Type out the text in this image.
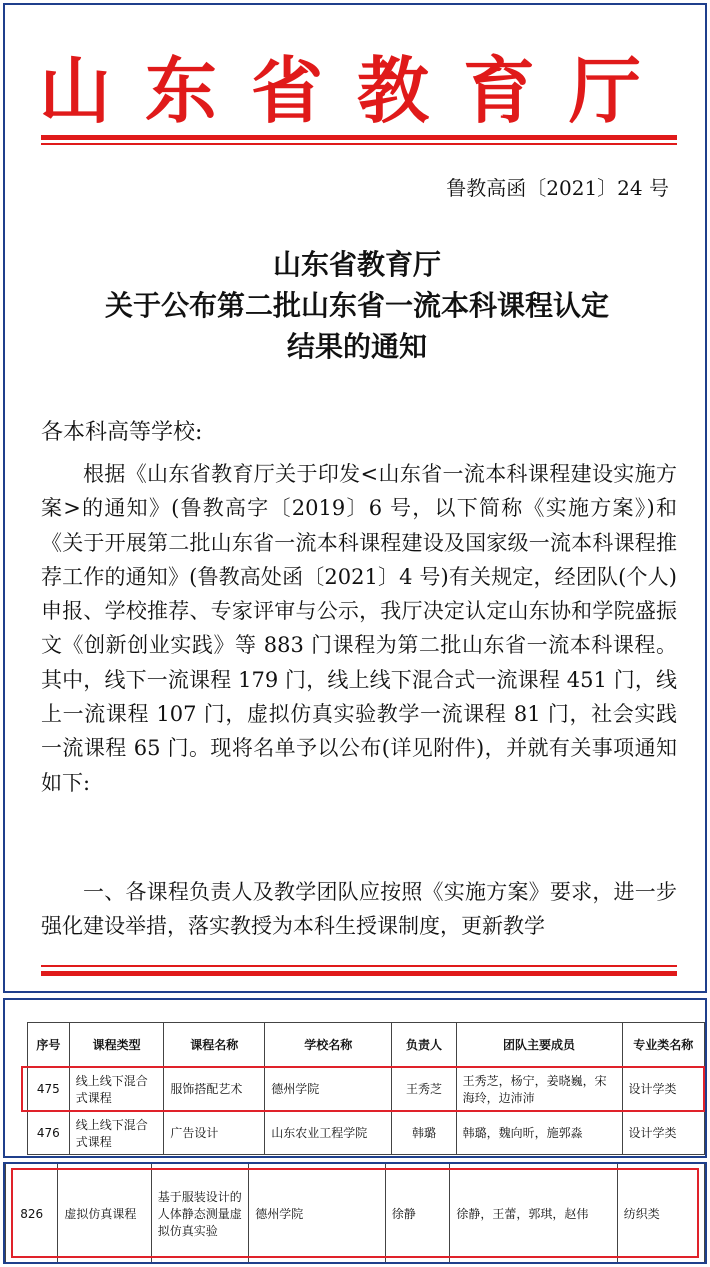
山东省教育厅
鲁教高函〔2021〕24 号
山东省教育厅
关于公布第二批山东省一流本科课程认定
结果的通知
各本科高等学校:

根据《山东省教育厅关于印发<山东省一流本科课程建设实施方案>的通知》(鲁教高字〔2019〕6 号，以下简称《实施方案》)和《关于开展第二批山东省一流本科课程建设及国家级一流本科课程推荐工作的通知》(鲁教高处函〔2021〕4 号)有关规定，经团队(个人)申报、学校推荐、专家评审与公示，我厅决定认定山东协和学院盛振文《创新创业实践》等 883 门课程为第二批山东省一流本科课程。其中，线下一流课程 179 门，线上线下混合式一流课程 451 门，线上一流课程 107 门，虚拟仿真实验教学一流课程 81 门，社会实践一流课程 65 门。现将名单予以公布(详见附件)，并就有关事项通知如下:

一、各课程负责人及教学团队应按照《实施方案》要求，进一步强化建设举措，落实教授为本科生授课制度，更新教学

序号	课程类型	课程名称	学校名称	负责人	团队主要成员	专业类名称
475	线上线下混合式课程	服饰搭配艺术	德州学院	王秀芝	王秀芝，杨宁，姜晓巍，宋海玲，边沛沛	设计学类
476	线上线下混合式课程	广告设计	山东农业工程学院	韩璐	韩璐，魏向昕，施郭淼	设计学类
826	虚拟仿真课程	基于服装设计的人体静态测量虚拟仿真实验	德州学院	徐静	徐静，王蕾，郭琪，赵伟	纺织类
